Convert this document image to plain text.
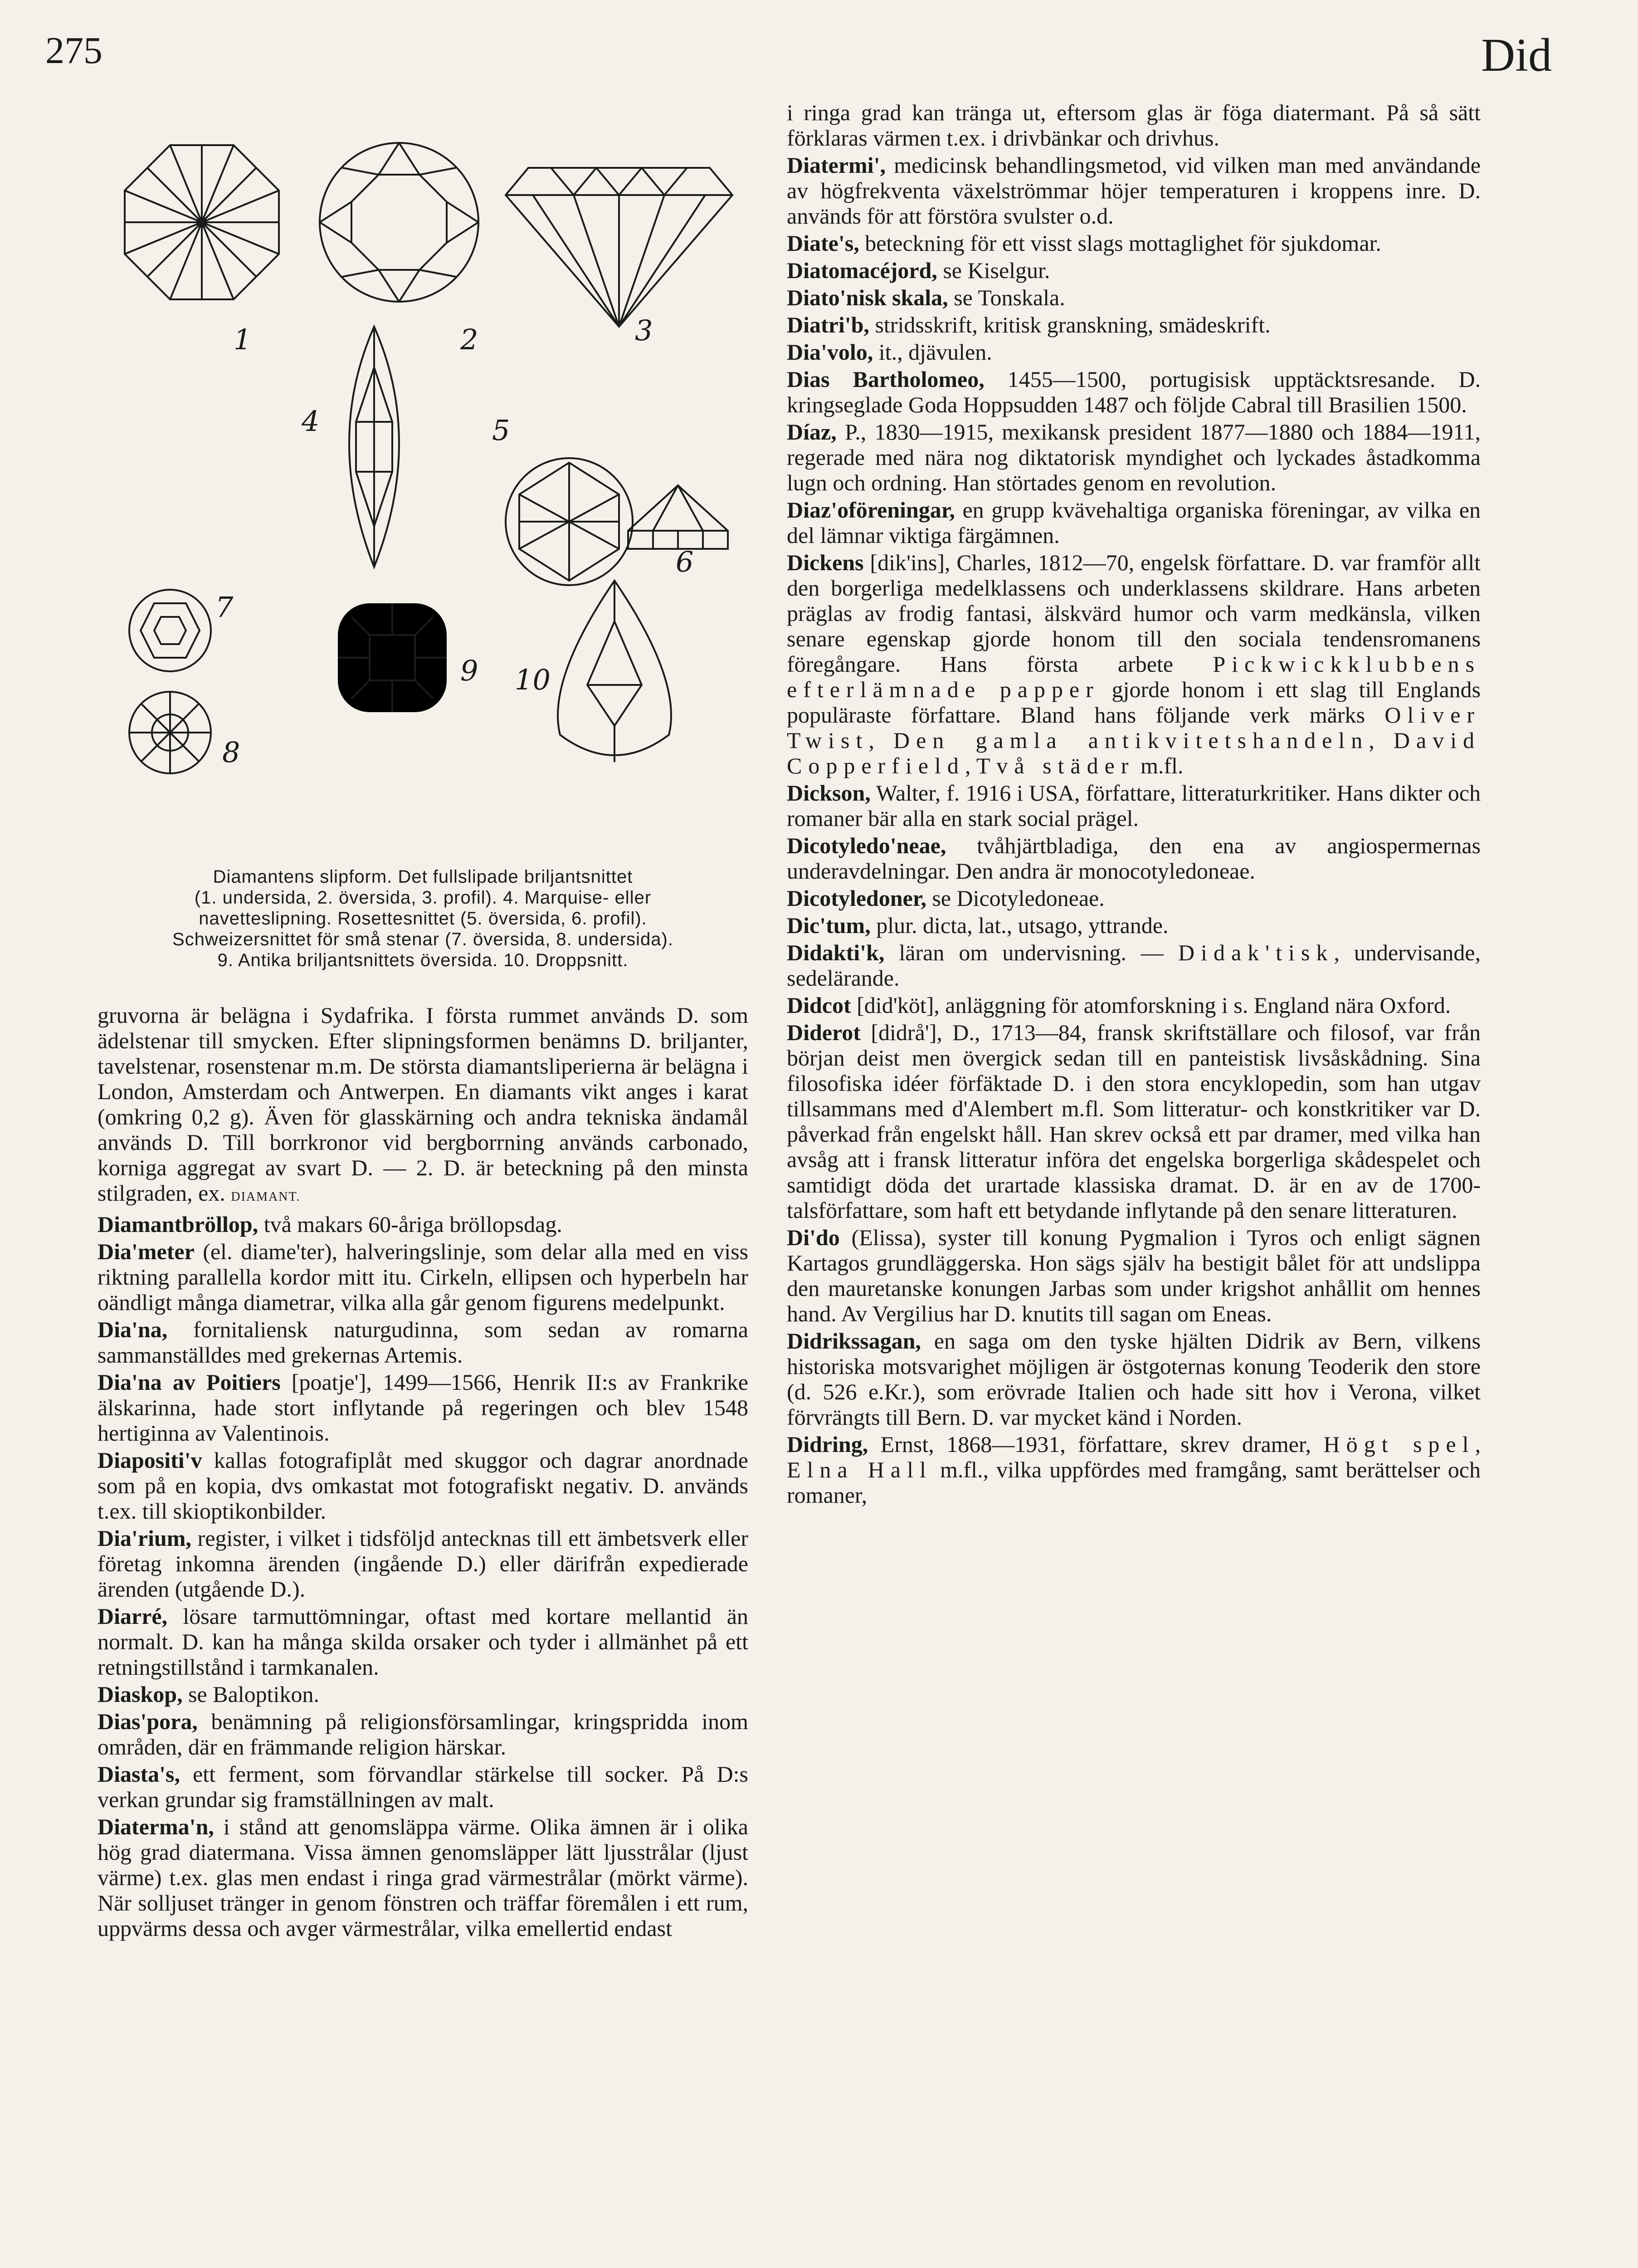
275	Did
1	2	3
4	5
6
7
8
9 10
Diamantens slipform. Det fullslipade briljantsnittet
(1. undersida, 2. översida, 3. profil). 4. Marquise- eller
navetteslipning. Rosettesnittet (5. översida, 6. profil).
Schweizersnittet för små stenar (7. översida, 8. undersida).
9. Antika briljantsnittets översida. 10. Droppsnitt.

gruvorna är belägna i Sydafrika. I första rummet används D. som ädelstenar till smycken. Efter slipningsformen benämns D. briljanter, tavelstenar, rosenstenar m.m. De största diamantsliperierna är belägna i London, Amsterdam och Antwerpen. En diamants vikt anges i karat (omkring 0,2 g). Även för glasskärning och andra tekniska ändamål används D. Till borrkronor vid bergborrning används carbonado, korniga aggregat av svart D. — 2. D. är beteckning på den minsta stilgraden, ex. DIAMANT.

Diamantbröllop, två makars 60-åriga bröllopsdag.

Dia'meter (el. diame'ter), halveringslinje, som delar alla med en viss riktning parallella kordor mitt itu. Cirkeln, ellipsen och hyperbeln har oändligt många diametrar, vilka alla går genom figurens medelpunkt.

Dia'na, fornitaliensk naturgudinna, som sedan av romarna sammanställdes med grekernas Artemis.

Dia'na av Poitiers [poatje'], 1499—1566, Henrik II:s av Frankrike älskarinna, hade stort inflytande på regeringen och blev 1548 hertiginna av Valentinois.

Diapositi'v kallas fotografiplåt med skuggor och dagrar anordnade som på en kopia, dvs omkastat mot fotografiskt negativ. D. används t.ex. till skioptikonbilder.

Dia'rium, register, i vilket i tidsföljd antecknas till ett ämbetsverk eller företag inkomna ärenden (ingående D.) eller därifrån expedierade ärenden (utgående D.).

Diarré, lösare tarmuttömningar, oftast med kortare mellantid än normalt. D. kan ha många skilda orsaker och tyder i allmänhet på ett retningstillstånd i tarmkanalen.

Diaskop, se Baloptikon.

Dias'pora, benämning på religionsförsamlingar, kringspridda inom områden, där en främmande religion härskar.

Diasta's, ett ferment, som förvandlar stärkelse till socker. På D:s verkan grundar sig framställningen av malt.

Diaterma'n, i stånd att genomsläppa värme. Olika ämnen är i olika hög grad diatermana. Vissa ämnen genomsläpper lätt ljusstrålar (ljust värme) t.ex. glas men endast i ringa grad värmestrålar (mörkt värme). När solljuset tränger in genom fönstren och träffar föremålen i ett rum, uppvärms dessa och avger värmestrålar, vilka emellertid endast

i ringa grad kan tränga ut, eftersom glas är föga diatermant. På så sätt förklaras värmen t.ex. i drivbänkar och drivhus.

Diatermi', medicinsk behandlingsmetod, vid vilken man med användande av högfrekventa växelströmmar höjer temperaturen i kroppens inre. D. används för att förstöra svulster o.d.

Diate's, beteckning för ett visst slags mottaglighet för sjukdomar.

Diatomacéjord, se Kiselgur.

Diato'nisk skala, se Tonskala.

Diatri'b, stridsskrift, kritisk granskning, smädeskrift.

Dia'volo, it., djävulen.

Dias Bartholomeo, 1455—1500, portugisisk upptäcktsresande. D. kringseglade Goda Hoppsudden 1487 och följde Cabral till Brasilien 1500.

Díaz, P., 1830—1915, mexikansk president 1877—1880 och 1884—1911, regerade med nära nog diktatorisk myndighet och lyckades åstadkomma lugn och ordning. Han störtades genom en revolution.

Diaz'oföreningar, en grupp kvävehaltiga organiska föreningar, av vilka en del lämnar viktiga färgämnen.

Dickens [dik'ins], Charles, 1812—70, engelsk författare. D. var framför allt den borgerliga medelklassens och underklassens skildrare. Hans arbeten präglas av frodig fantasi, älskvärd humor och varm medkänsla, vilken senare egenskap gjorde honom till den sociala tendensromanens föregångare. Hans första arbete Pickwickklubbens efterlämnade papper gjorde honom i ett slag till Englands populäraste författare. Bland hans följande verk märks Oliver Twist, Den gamla antikvitetshandeln, David Copperfield, Två städer m.fl.

Dickson, Walter, f. 1916 i USA, författare, litteraturkritiker. Hans dikter och romaner bär alla en stark social prägel.

Dicotyledo'neae, tvåhjärtbladiga, den ena av angiospermernas underavdelningar. Den andra är monocotyledoneae.

Dicotyledoner, se Dicotyledoneae.

Dic'tum, plur. dicta, lat., utsago, yttrande.

Didakti'k, läran om undervisning. — Didak'tisk, undervisande, sedelärande.

Didcot [did'köt], anläggning för atomforskning i s. England nära Oxford.

Diderot [didrå'], D., 1713—84, fransk skriftställare och filosof, var från början deist men övergick sedan till en panteistisk livsåskådning. Sina filosofiska idéer förfäktade D. i den stora encyklopedin, som han utgav tillsammans med d'Alembert m.fl. Som litteratur- och konstkritiker var D. påverkad från engelskt håll. Han skrev också ett par dramer, med vilka han avsåg att i fransk litteratur införa det engelska borgerliga skådespelet och samtidigt döda det urartade klassiska dramat. D. är en av de 1700-talsförfattare, som haft ett betydande inflytande på den senare litteraturen.

Di'do (Elissa), syster till konung Pygmalion i Tyros och enligt sägnen Kartagos grundläggerska. Hon sägs själv ha bestigit bålet för att undslippa den mauretanske konungen Jarbas som under krigshot anhållit om hennes hand. Av Vergilius har D. knutits till sagan om Eneas.

Didrikssagan, en saga om den tyske hjälten Didrik av Bern, vilkens historiska motsvarighet möjligen är östgoternas konung Teoderik den store (d. 526 e.Kr.), som erövrade Italien och hade sitt hov i Verona, vilket förvrängts till Bern. D. var mycket känd i Norden.

Didring, Ernst, 1868—1931, författare, skrev dramer, Högt spel, Elna Hall m.fl., vilka uppfördes med framgång, samt berättelser och romaner,
